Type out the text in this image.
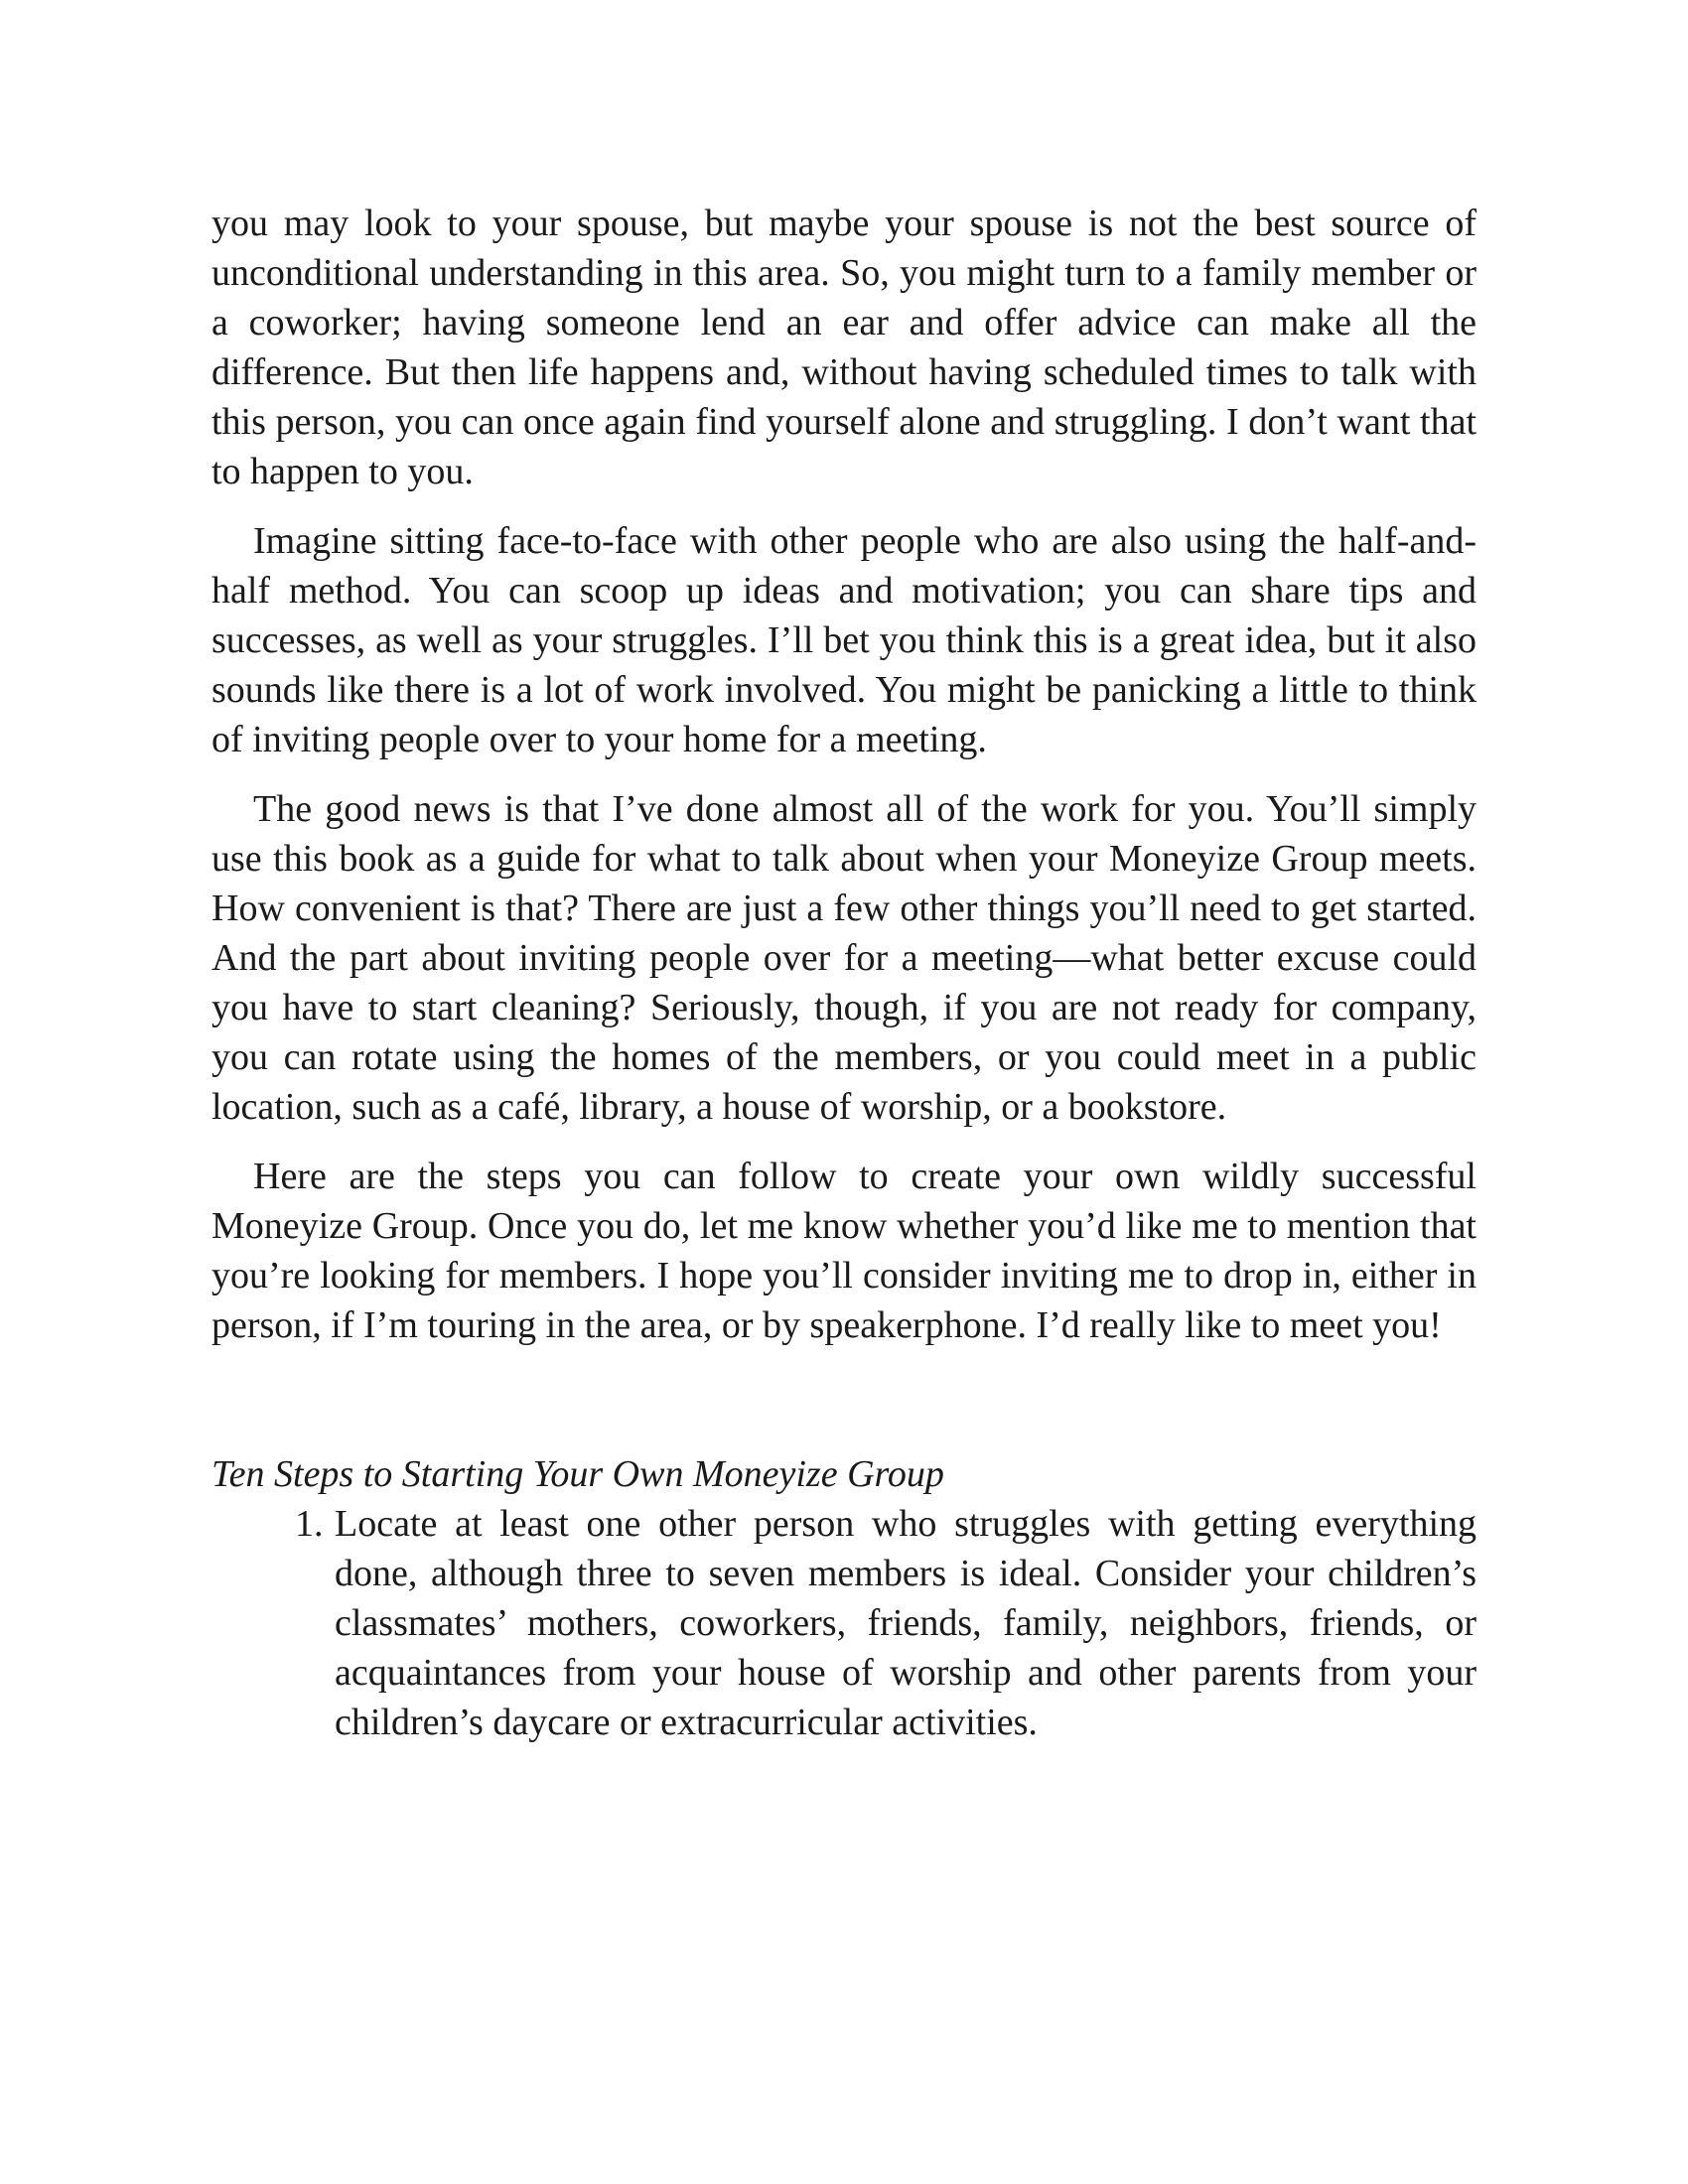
you may look to your spouse, but maybe your spouse is not the best source of unconditional understanding in this area. So, you might turn to a family member or a coworker; having someone lend an ear and offer advice can make all the difference. But then life happens and, without having scheduled times to talk with this person, you can once again find yourself alone and struggling. I don’t want that to happen to you.

Imagine sitting face-to-face with other people who are also using the half-and-half method. You can scoop up ideas and motivation; you can share tips and successes, as well as your struggles. I’ll bet you think this is a great idea, but it also sounds like there is a lot of work involved. You might be panicking a little to think of inviting people over to your home for a meeting.

The good news is that I’ve done almost all of the work for you. You’ll simply use this book as a guide for what to talk about when your Moneyize Group meets. How convenient is that? There are just a few other things you’ll need to get started. And the part about inviting people over for a meeting—what better excuse could you have to start cleaning? Seriously, though, if you are not ready for company, you can rotate using the homes of the members, or you could meet in a public location, such as a café, library, a house of worship, or a bookstore.

Here are the steps you can follow to create your own wildly successful Moneyize Group. Once you do, let me know whether you’d like me to mention that you’re looking for members. I hope you’ll consider inviting me to drop in, either in person, if I’m touring in the area, or by speakerphone. I’d really like to meet you!

Ten Steps to Starting Your Own Moneyize Group
1. Locate at least one other person who struggles with getting everything done, although three to seven members is ideal. Consider your children’s classmates’ mothers, coworkers, friends, family, neighbors, friends, or acquaintances from your house of worship and other parents from your children’s daycare or extracurricular activities.
